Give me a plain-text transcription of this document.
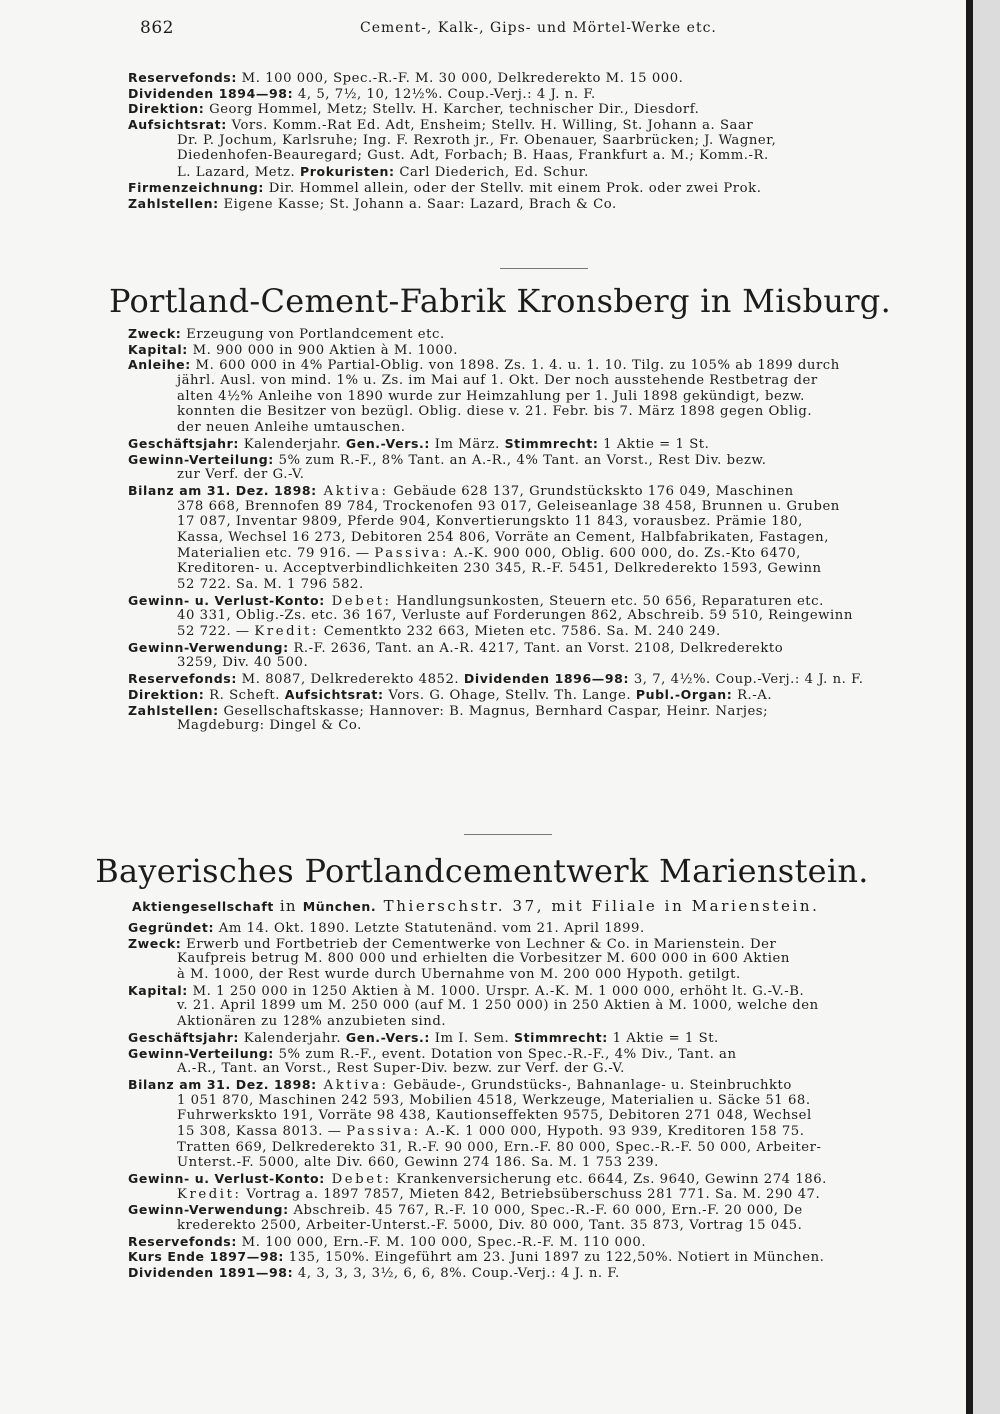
862	Cement-, Kalk-, Gips- und Mörtel-Werke etc.
Reservefonds: M. 100 000, Spec.-R.-F. M. 30 000, Delkrederekto M. 15 000.
Dividenden 1894—98: 4, 5, 7½, 10, 12½%. Coup.-Verj.: 4 J. n. F.
Direktion: Georg Hommel, Metz; Stellv. H. Karcher, technischer Dir., Diesdorf.
Aufsichtsrat: Vors. Komm.-Rat Ed. Adt, Ensheim; Stellv. H. Willing, St. Johann a. Saar
Dr. P. Jochum, Karlsruhe; Ing. F. Rexroth jr., Fr. Obenauer, Saarbrücken; J. Wagner,
Diedenhofen-Beauregard; Gust. Adt, Forbach; B. Haas, Frankfurt a. M.; Komm.-R.
L. Lazard, Metz. Prokuristen: Carl Diederich, Ed. Schur.
Firmenzeichnung: Dir. Hommel allein, oder der Stellv. mit einem Prok. oder zwei Prok.
Zahlstellen: Eigene Kasse; St. Johann a. Saar: Lazard, Brach & Co.
Portland-Cement-Fabrik Kronsberg in Misburg.
Zweck: Erzeugung von Portlandcement etc.
Kapital: M. 900 000 in 900 Aktien à M. 1000.
Anleihe: M. 600 000 in 4% Partial-Oblig. von 1898. Zs. 1. 4. u. 1. 10. Tilg. zu 105% ab 1899 durch
jährl. Ausl. von mind. 1% u. Zs. im Mai auf 1. Okt. Der noch ausstehende Restbetrag der
alten 4½% Anleihe von 1890 wurde zur Heimzahlung per 1. Juli 1898 gekündigt, bezw.
konnten die Besitzer von bezügl. Oblig. diese v. 21. Febr. bis 7. März 1898 gegen Oblig.
der neuen Anleihe umtauschen.
Geschäftsjahr: Kalenderjahr. Gen.-Vers.: Im März. Stimmrecht: 1 Aktie = 1 St.
Gewinn-Verteilung: 5% zum R.-F., 8% Tant. an A.-R., 4% Tant. an Vorst., Rest Div. bezw.
zur Verf. der G.-V.
Bilanz am 31. Dez. 1898: Aktiva: Gebäude 628 137, Grundstückskto 176 049, Maschinen
378 668, Brennofen 89 784, Trockenofen 93 017, Geleiseanlage 38 458, Brunnen u. Gruben
17 087, Inventar 9809, Pferde 904, Konvertierungskto 11 843, vorausbez. Prämie 180,
Kassa, Wechsel 16 273, Debitoren 254 806, Vorräte an Cement, Halbfabrikaten, Fastagen,
Materialien etc. 79 916. — Passiva: A.-K. 900 000, Oblig. 600 000, do. Zs.-Kto 6470,
Kreditoren- u. Acceptverbindlichkeiten 230 345, R.-F. 5451, Delkrederekto 1593, Gewinn
52 722. Sa. M. 1 796 582.
Gewinn- u. Verlust-Konto: Debet: Handlungsunkosten, Steuern etc. 50 656, Reparaturen etc.
40 331, Oblig.-Zs. etc. 36 167, Verluste auf Forderungen 862, Abschreib. 59 510, Reingewinn
52 722. — Kredit: Cementkto 232 663, Mieten etc. 7586. Sa. M. 240 249.
Gewinn-Verwendung: R.-F. 2636, Tant. an A.-R. 4217, Tant. an Vorst. 2108, Delkrederekto
3259, Div. 40 500.
Reservefonds: M. 8087, Delkrederekto 4852. Dividenden 1896—98: 3, 7, 4½%. Coup.-Verj.: 4 J. n. F.
Direktion: R. Scheft. Aufsichtsrat: Vors. G. Ohage, Stellv. Th. Lange. Publ.-Organ: R.-A.
Zahlstellen: Gesellschaftskasse; Hannover: B. Magnus, Bernhard Caspar, Heinr. Narjes;
Magdeburg: Dingel & Co.
Bayerisches Portlandcementwerk Marienstein.
Aktiengesellschaft in München. Thierschstr. 37, mit Filiale in Marienstein.
Gegründet: Am 14. Okt. 1890. Letzte Statutenänd. vom 21. April 1899.
Zweck: Erwerb und Fortbetrieb der Cementwerke von Lechner & Co. in Marienstein. Der
Kaufpreis betrug M. 800 000 und erhielten die Vorbesitzer M. 600 000 in 600 Aktien
à M. 1000, der Rest wurde durch Übernahme von M. 200 000 Hypoth. getilgt.
Kapital: M. 1 250 000 in 1250 Aktien à M. 1000. Urspr. A.-K. M. 1 000 000, erhöht lt. G.-V.-B.
v. 21. April 1899 um M. 250 000 (auf M. 1 250 000) in 250 Aktien à M. 1000, welche den
Aktionären zu 128% anzubieten sind.
Geschäftsjahr: Kalenderjahr. Gen.-Vers.: Im I. Sem. Stimmrecht: 1 Aktie = 1 St.
Gewinn-Verteilung: 5% zum R.-F., event. Dotation von Spec.-R.-F., 4% Div., Tant. an
A.-R., Tant. an Vorst., Rest Super-Div. bezw. zur Verf. der G.-V.
Bilanz am 31. Dez. 1898: Aktiva: Gebäude-, Grundstücks-, Bahnanlage- u. Steinbruchkto
1 051 870, Maschinen 242 593, Mobilien 4518, Werkzeuge, Materialien u. Säcke 51 68.
Fuhrwerkskto 191, Vorräte 98 438, Kautionseffekten 9575, Debitoren 271 048, Wechsel
15 308, Kassa 8013. — Passiva: A.-K. 1 000 000, Hypoth. 93 939, Kreditoren 158 75.
Tratten 669, Delkrederekto 31, R.-F. 90 000, Ern.-F. 80 000, Spec.-R.-F. 50 000, Arbeiter-
Unterst.-F. 5000, alte Div. 660, Gewinn 274 186. Sa. M. 1 753 239.
Gewinn- u. Verlust-Konto: Debet: Krankenversicherung etc. 6644, Zs. 9640, Gewinn 274 186.
Kredit: Vortrag a. 1897 7857, Mieten 842, Betriebsüberschuss 281 771. Sa. M. 290 47.
Gewinn-Verwendung: Abschreib. 45 767, R.-F. 10 000, Spec.-R.-F. 60 000, Ern.-F. 20 000, De
krederekto 2500, Arbeiter-Unterst.-F. 5000, Div. 80 000, Tant. 35 873, Vortrag 15 045.
Reservefonds: M. 100 000, Ern.-F. M. 100 000, Spec.-R.-F. M. 110 000.
Kurs Ende 1897—98: 135, 150%. Eingeführt am 23. Juni 1897 zu 122,50%. Notiert in München.
Dividenden 1891—98: 4, 3, 3, 3, 3½, 6, 6, 8%. Coup.-Verj.: 4 J. n. F.
